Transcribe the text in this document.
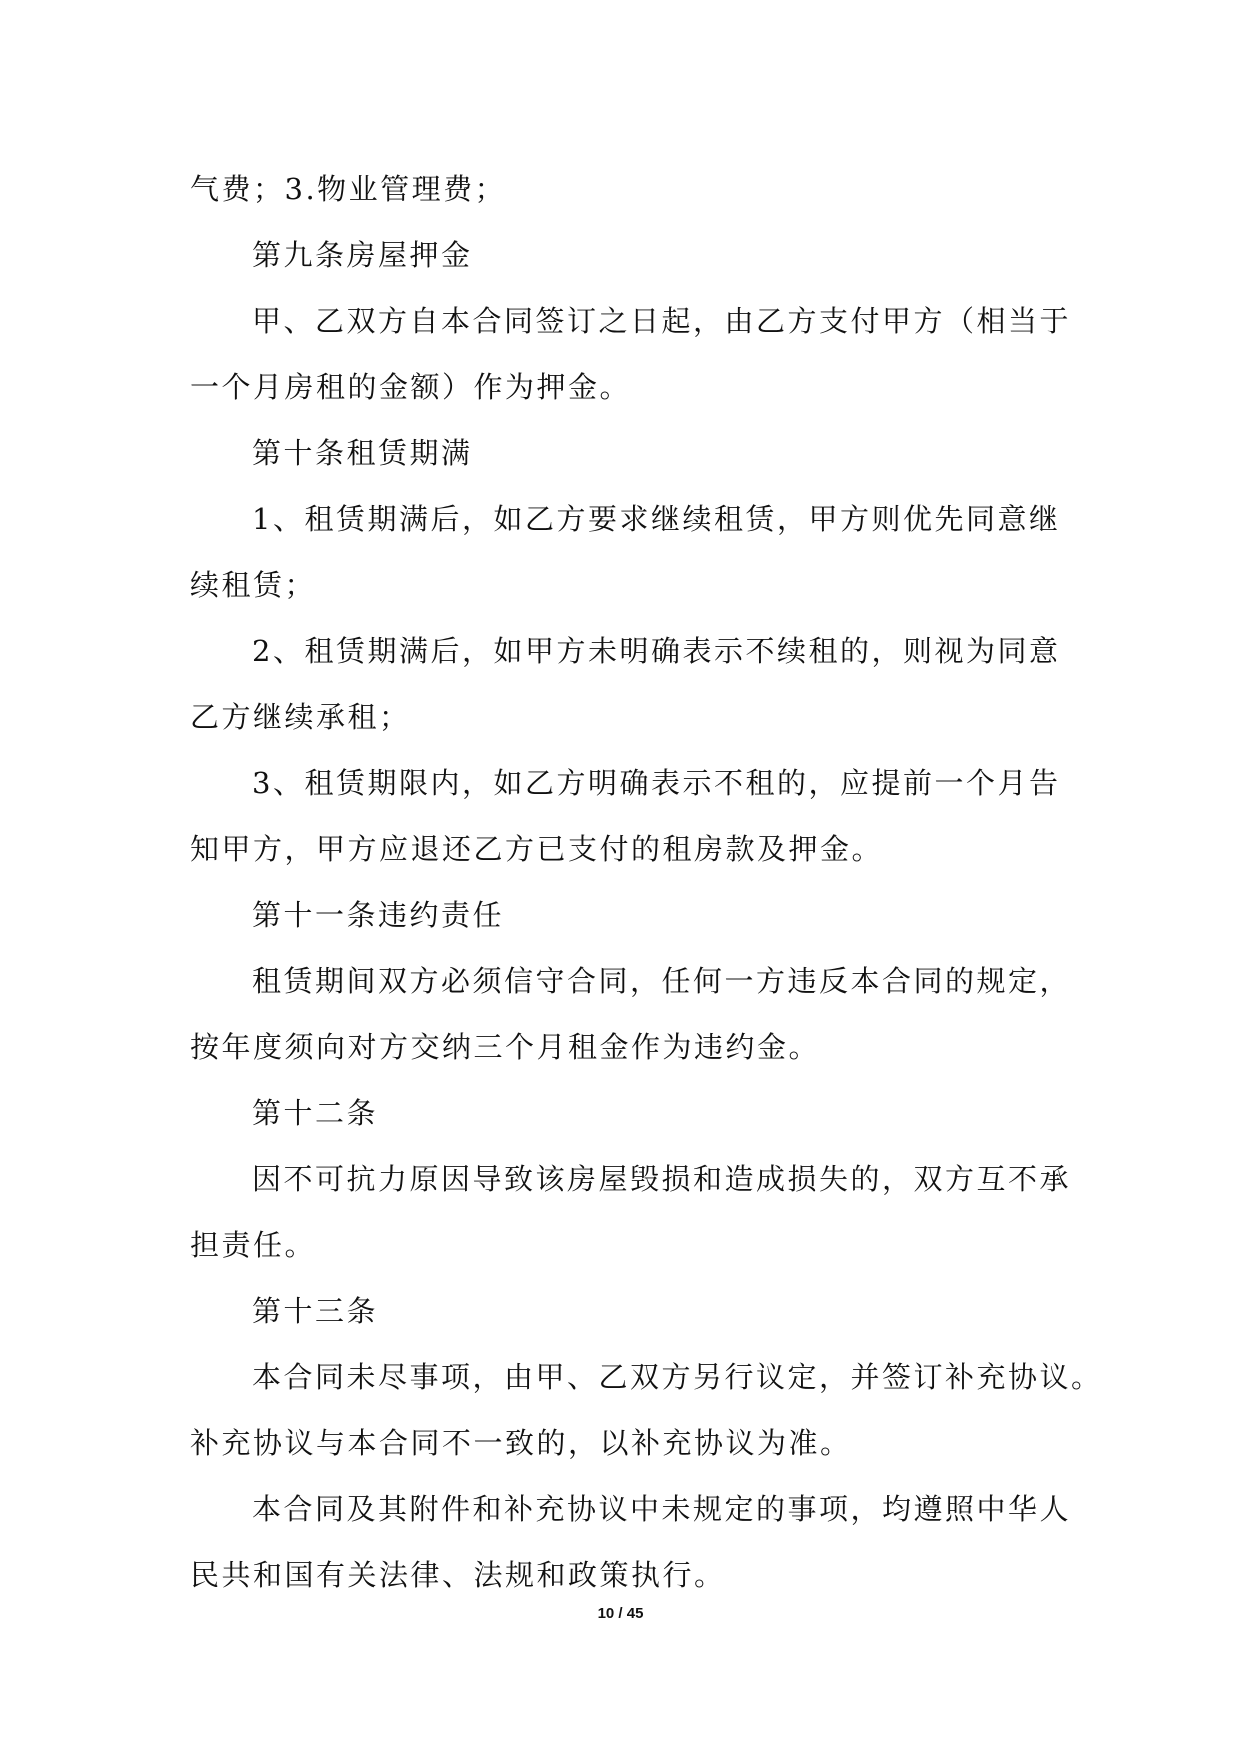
气费；3.物业管理费；
第九条房屋押金
甲、乙双方自本合同签订之日起，由乙方支付甲方（相当于
一个月房租的金额）作为押金。
第十条租赁期满
1、租赁期满后，如乙方要求继续租赁，甲方则优先同意继
续租赁；
2、租赁期满后，如甲方未明确表示不续租的，则视为同意
乙方继续承租；
3、租赁期限内，如乙方明确表示不租的，应提前一个月告
知甲方，甲方应退还乙方已支付的租房款及押金。
第十一条违约责任
租赁期间双方必须信守合同，任何一方违反本合同的规定，
按年度须向对方交纳三个月租金作为违约金。
第十二条
因不可抗力原因导致该房屋毁损和造成损失的，双方互不承
担责任。
第十三条
本合同未尽事项，由甲、乙双方另行议定，并签订补充协议。
补充协议与本合同不一致的，以补充协议为准。
本合同及其附件和补充协议中未规定的事项，均遵照中华人
民共和国有关法律、法规和政策执行。
10 / 45
